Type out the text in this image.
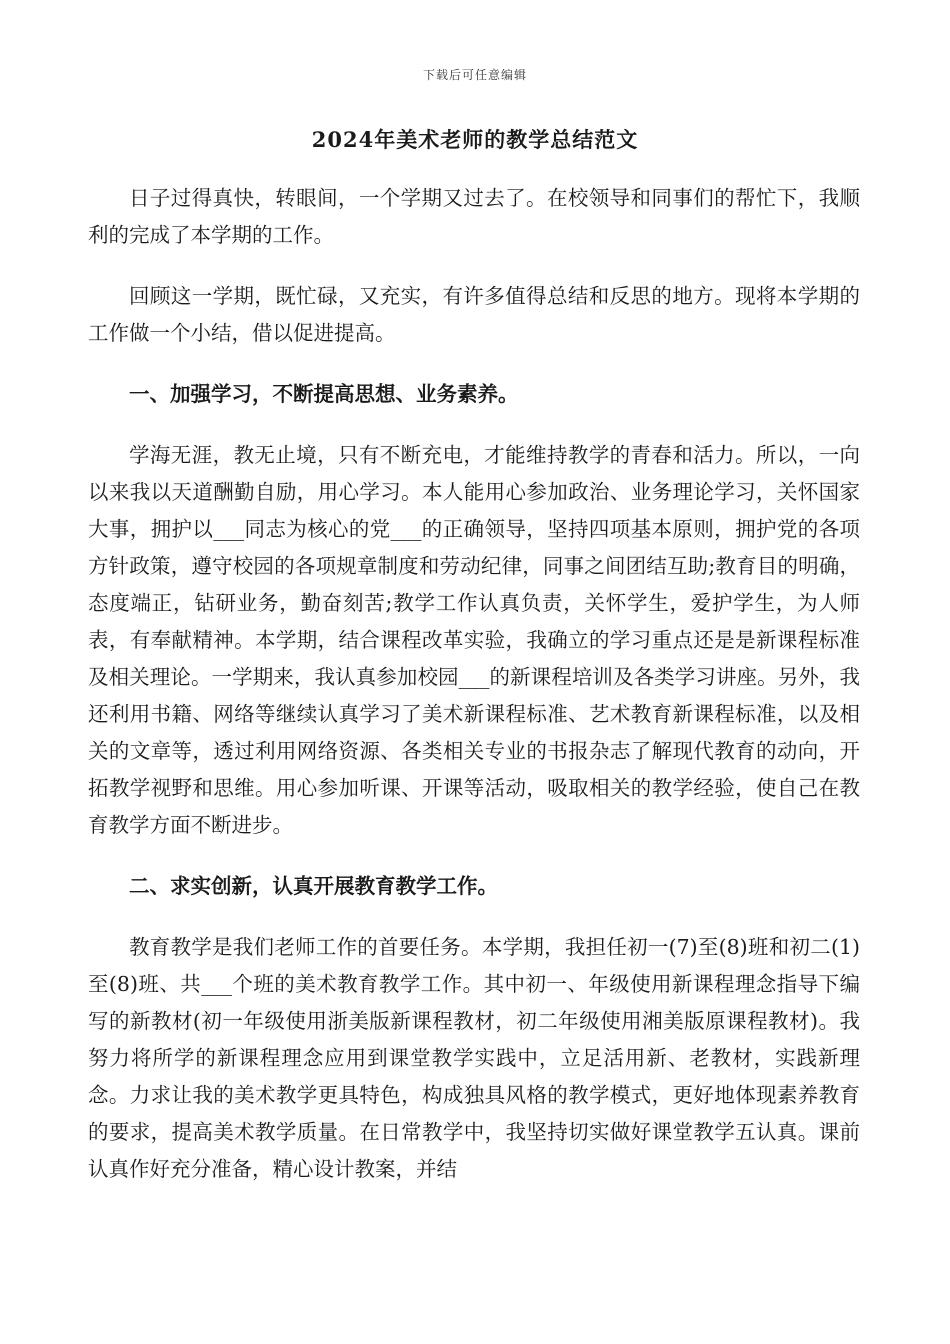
下载后可任意编辑
2024年美术老师的教学总结范文

日子过得真快，转眼间，一个学期又过去了。在校领导和同事们的帮忙下，我顺利的完成了本学期的工作。

回顾这一学期，既忙碌，又充实，有许多值得总结和反思的地方。现将本学期的工作做一个小结，借以促进提高。

一、加强学习，不断提高思想、业务素养。

学海无涯，教无止境，只有不断充电，才能维持教学的青春和活力。所以，一向以来我以天道酬勤自励，用心学习。本人能用心参加政治、业务理论学习，关怀国家大事，拥护以___同志为核心的党___的正确领导，坚持四项基本原则，拥护党的各项方针政策，遵守校园的各项规章制度和劳动纪律，同事之间团结互助;教育目的明确，态度端正，钻研业务，勤奋刻苦;教学工作认真负责，关怀学生，爱护学生，为人师表，有奉献精神。本学期，结合课程改革实验，我确立的学习重点还是是新课程标准及相关理论。一学期来，我认真参加校园___的新课程培训及各类学习讲座。另外，我还利用书籍、网络等继续认真学习了美术新课程标准、艺术教育新课程标准，以及相关的文章等，透过利用网络资源、各类相关专业的书报杂志了解现代教育的动向，开拓教学视野和思维。用心参加听课、开课等活动，吸取相关的教学经验，使自己在教育教学方面不断进步。

二、求实创新，认真开展教育教学工作。

教育教学是我们老师工作的首要任务。本学期，我担任初一(7)至(8)班和初二(1)至(8)班、共___个班的美术教育教学工作。其中初一、年级使用新课程理念指导下编写的新教材(初一年级使用浙美版新课程教材，初二年级使用湘美版原课程教材)。我努力将所学的新课程理念应用到课堂教学实践中，立足活用新、老教材，实践新理念。力求让我的美术教学更具特色，构成独具风格的教学模式，更好地体现素养教育的要求，提高美术教学质量。在日常教学中，我坚持切实做好课堂教学五认真。课前认真作好充分准备，精心设计教案，并结
